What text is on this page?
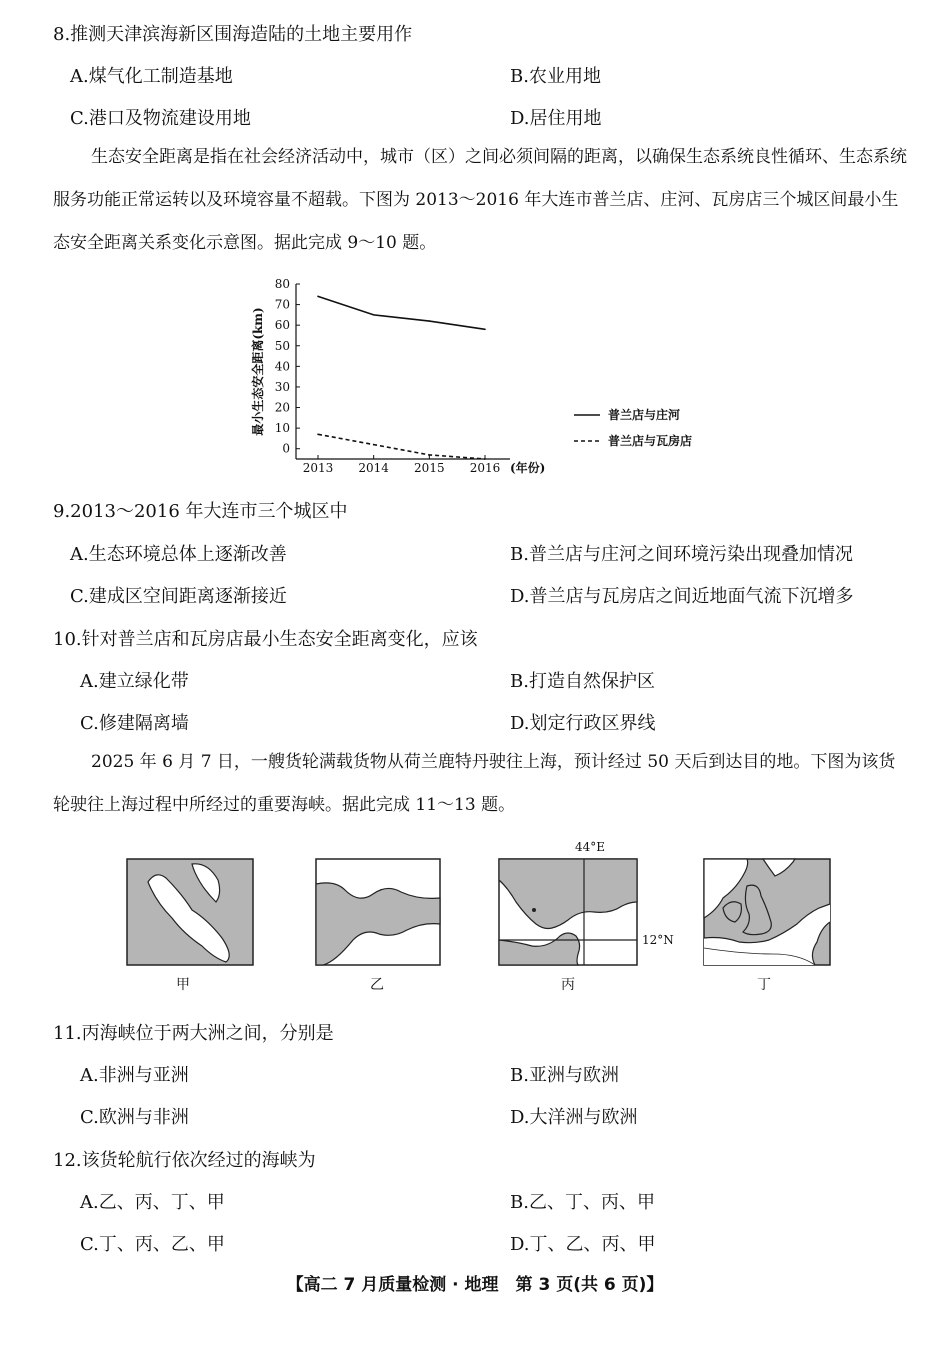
8.推测天津滨海新区围海造陆的土地主要用作
A.煤气化工制造基地	B.农业用地
C.港口及物流建设用地	D.居住用地
生态安全距离是指在社会经济活动中，城市（区）之间必须间隔的距离，以确保生态系统良性循环、生态系统服务功能正常运转以及环境容量不超载。下图为 2013～2016 年大连市普兰店、庄河、瓦房店三个城区间最小生态安全距离关系变化示意图。据此完成 9～10 题。
80
70
60
50
40
30
20
10
0
2013 2014 2015 2016 (年份)
最小生态安全距离(km)	普兰店与庄河
普兰店与瓦房店
9.2013～2016 年大连市三个城区中
A.生态环境总体上逐渐改善	B.普兰店与庄河之间环境污染出现叠加情况
C.建成区空间距离逐渐接近	D.普兰店与瓦房店之间近地面气流下沉增多
10.针对普兰店和瓦房店最小生态安全距离变化，应该
A.建立绿化带	B.打造自然保护区
C.修建隔离墙	D.划定行政区界线
2025 年 6 月 7 日，一艘货轮满载货物从荷兰鹿特丹驶往上海，预计经过 50 天后到达目的地。下图为该货轮驶往上海过程中所经过的重要海峡。据此完成 11～13 题。
甲	乙
44°E
12°N
丙	丁
11.丙海峡位于两大洲之间，分别是
A.非洲与亚洲	B.亚洲与欧洲
C.欧洲与非洲	D.大洋洲与欧洲
12.该货轮航行依次经过的海峡为
A.乙、丙、丁、甲	B.乙、丁、丙、甲
C.丁、丙、乙、甲	D.丁、乙、丙、甲
【高二 7 月质量检测 · 地理　第 3 页(共 6 页)】
